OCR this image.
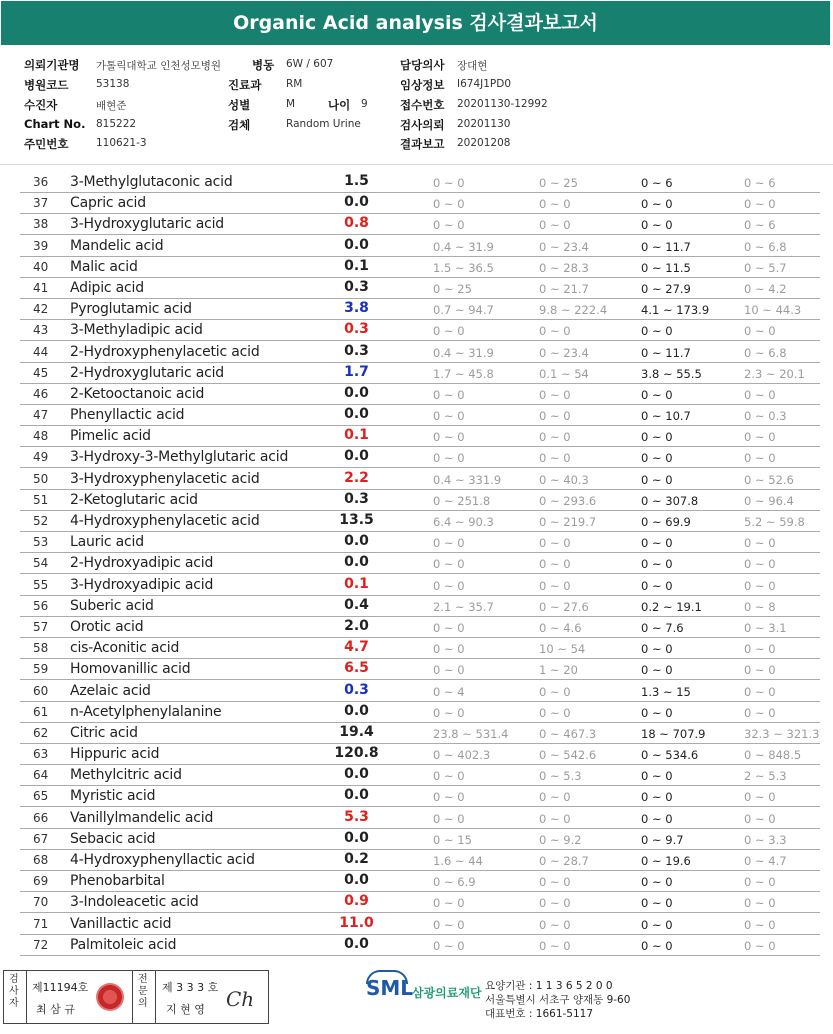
Organic Acid analysis 검사결과보고서
의뢰기관명 가톨릭대학교 인천성모병원	병동 6W / 607	담당의사 장대현
병원코드	53138	진료과 RM	임상정보 I674J1PD0
수진자	배현준	성별	M	나이 9	접수번호 20201130-12992
Chart No. 815222	검체	Random Urine	검사의뢰 20201130
주민번호	110621-3	결과보고 20201208
36 3-Methylglutaconic acid	1.5	0 ~ 0	0 ~ 25	0 ~ 6	0 ~ 6
37 Capric acid	0.0	0 ~ 0	0 ~ 0	0 ~ 0	0 ~ 0
38 3-Hydroxyglutaric acid	0.8	0 ~ 0	0 ~ 0	0 ~ 0	0 ~ 6
39 Mandelic acid	0.0	0.4 ~ 31.9	0 ~ 23.4	0 ~ 11.7	0 ~ 6.8
40 Malic acid	0.1	1.5 ~ 36.5	0 ~ 28.3	0 ~ 11.5	0 ~ 5.7
41 Adipic acid	0.3	0 ~ 25	0 ~ 21.7	0 ~ 27.9	0 ~ 4.2
42 Pyroglutamic acid	3.8	0.7 ~ 94.7	9.8 ~ 222.4	4.1 ~ 173.9	10 ~ 44.3
43 3-Methyladipic acid	0.3	0 ~ 0	0 ~ 0	0 ~ 0	0 ~ 0
44 2-Hydroxyphenylacetic acid	0.3	0.4 ~ 31.9	0 ~ 23.4	0 ~ 11.7	0 ~ 6.8
45 2-Hydroxyglutaric acid	1.7	1.7 ~ 45.8	0.1 ~ 54	3.8 ~ 55.5	2.3 ~ 20.1
46 2-Ketooctanoic acid	0.0	0 ~ 0	0 ~ 0	0 ~ 0	0 ~ 0
47 Phenyllactic acid	0.0	0 ~ 0	0 ~ 0	0 ~ 10.7	0 ~ 0.3
48 Pimelic acid	0.1	0 ~ 0	0 ~ 0	0 ~ 0	0 ~ 0
49 3-Hydroxy-3-Methylglutaric acid	0.0	0 ~ 0	0 ~ 0	0 ~ 0	0 ~ 0
50 3-Hydroxyphenylacetic acid	2.2	0.4 ~ 331.9	0 ~ 40.3	0 ~ 0	0 ~ 52.6
51 2-Ketoglutaric acid	0.3	0 ~ 251.8	0 ~ 293.6	0 ~ 307.8	0 ~ 96.4
52 4-Hydroxyphenylacetic acid	13.5	6.4 ~ 90.3	0 ~ 219.7	0 ~ 69.9	5.2 ~ 59.8
53 Lauric acid	0.0	0 ~ 0	0 ~ 0	0 ~ 0	0 ~ 0
54 2-Hydroxyadipic acid	0.0	0 ~ 0	0 ~ 0	0 ~ 0	0 ~ 0
55 3-Hydroxyadipic acid	0.1	0 ~ 0	0 ~ 0	0 ~ 0	0 ~ 0
56 Suberic acid	0.4	2.1 ~ 35.7	0 ~ 27.6	0.2 ~ 19.1	0 ~ 8
57 Orotic acid	2.0	0 ~ 0	0 ~ 4.6	0 ~ 7.6	0 ~ 3.1
58 cis-Aconitic acid	4.7	0 ~ 0	10 ~ 54	0 ~ 0	0 ~ 0
59 Homovanillic acid	6.5	0 ~ 0	1 ~ 20	0 ~ 0	0 ~ 0
60 Azelaic acid	0.3	0 ~ 4	0 ~ 0	1.3 ~ 15	0 ~ 0
61 n-Acetylphenylalanine	0.0	0 ~ 0	0 ~ 0	0 ~ 0	0 ~ 0
62 Citric acid	19.4	23.8 ~ 531.4	0 ~ 467.3	18 ~ 707.9	32.3 ~ 321.3
63 Hippuric acid	120.8	0 ~ 402.3	0 ~ 542.6	0 ~ 534.6	0 ~ 848.5
64 Methylcitric acid	0.0	0 ~ 0	0 ~ 5.3	0 ~ 0	2 ~ 5.3
65 Myristic acid	0.0	0 ~ 0	0 ~ 0	0 ~ 0	0 ~ 0
66 Vanillylmandelic acid	5.3	0 ~ 0	0 ~ 0	0 ~ 0	0 ~ 0
67 Sebacic acid	0.0	0 ~ 15	0 ~ 9.2	0 ~ 9.7	0 ~ 3.3
68 4-Hydroxyphenyllactic acid	0.2	1.6 ~ 44	0 ~ 28.7	0 ~ 19.6	0 ~ 4.7
69 Phenobarbital	0.0	0 ~ 6.9	0 ~ 0	0 ~ 0	0 ~ 0
70 3-Indoleacetic acid	0.9	0 ~ 0	0 ~ 0	0 ~ 0	0 ~ 0
71 Vanillactic acid	11.0	0 ~ 0	0 ~ 0	0 ~ 0	0 ~ 0
72 Palmitoleic acid	0.0	0 ~ 0	0 ~ 0	0 ~ 0	0 ~ 0
검사자
제11194호
최 삼 규
전문의
제 3 3 3 호
지 현 영 Ch	SML
삼광의료재단 요양기관 : 1 1 3 6 5 2 0 0
서울특별시 서초구 양재동 9-60
대표번호 : 1661-5117
